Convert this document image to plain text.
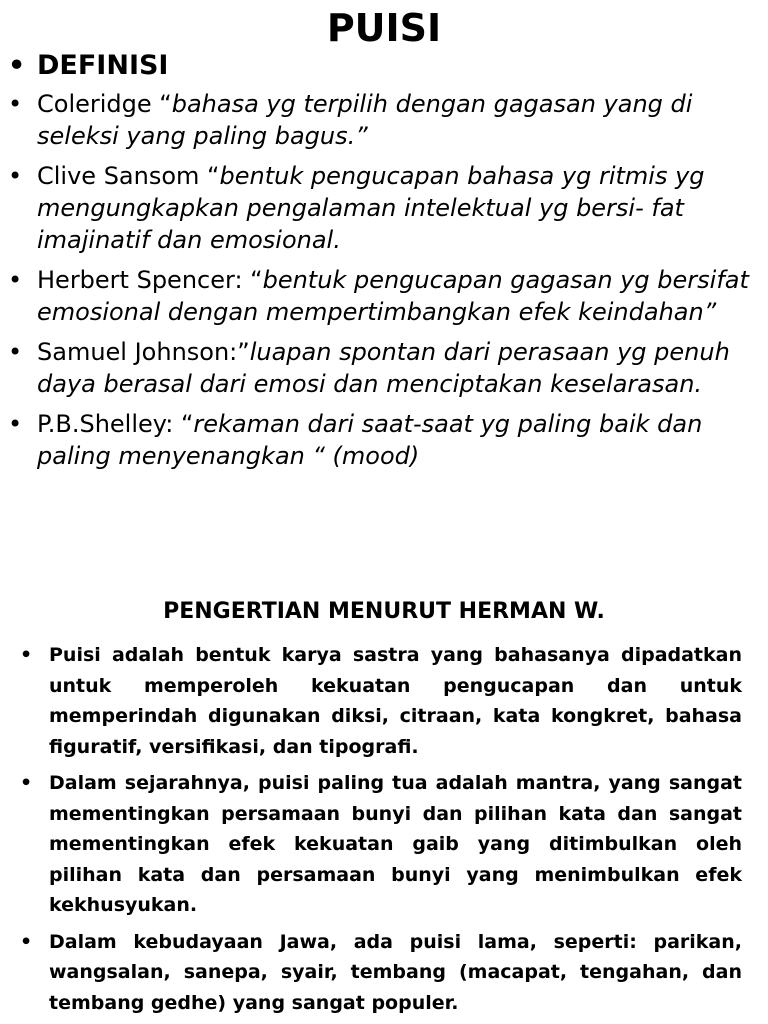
PUISI
• DEFINISI
• Coleridge “bahasa yg terpilih dengan gagasan yang di seleksi yang paling bagus.”
• Clive Sansom “bentuk pengucapan bahasa yg ritmis yg mengungkapkan pengalaman intelektual yg bersi- fat imajinatif dan emosional.
• Herbert Spencer: “bentuk pengucapan gagasan yg bersifat emosional dengan mempertimbangkan efek keindahan”
• Samuel Johnson:”luapan spontan dari perasaan yg penuh daya berasal dari emosi dan menciptakan keselarasan.
• P.B.Shelley: “rekaman dari saat-saat yg paling baik dan paling menyenangkan “ (mood)
PENGERTIAN MENURUT HERMAN W.
• Puisi adalah bentuk karya sastra yang bahasanya dipadatkan untuk memperoleh kekuatan pengucapan dan untuk memperindah digunakan diksi, citraan, kata kongkret, bahasa figuratif, versifikasi, dan tipografi.
• Dalam sejarahnya, puisi paling tua adalah mantra, yang sangat mementingkan persamaan bunyi dan pilihan kata dan sangat mementingkan efek kekuatan gaib yang ditimbulkan oleh pilihan kata dan persamaan bunyi yang menimbulkan efek kekhusyukan.
• Dalam kebudayaan Jawa, ada puisi lama, seperti: parikan, wangsalan, sanepa, syair, tembang (macapat, tengahan, dan tembang gedhe) yang sangat populer.
